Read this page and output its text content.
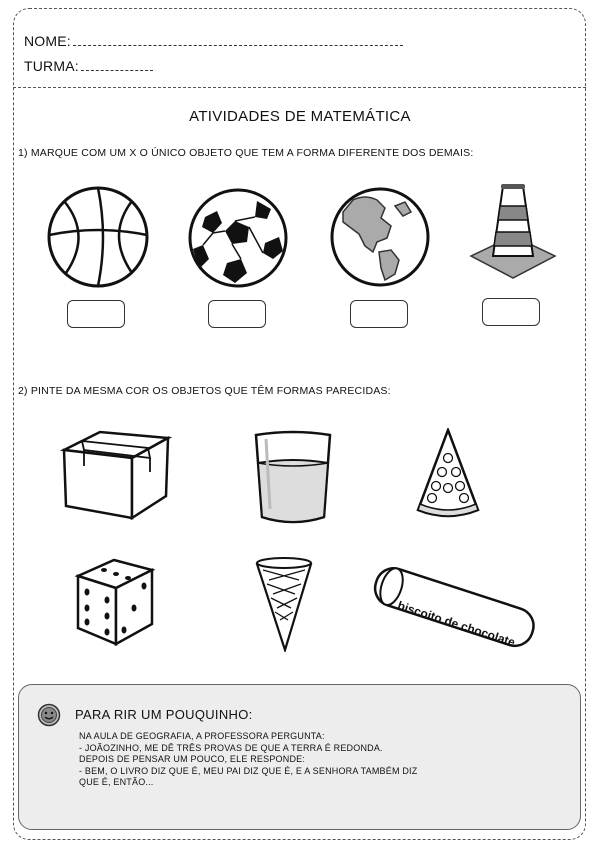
NOME:
TURMA:
ATIVIDADES DE MATEMÁTICA
1) MARQUE COM UM X O ÚNICO OBJETO QUE TEM A FORMA DIFERENTE DOS DEMAIS:
2) PINTE DA MESMA COR OS OBJETOS QUE TÊM FORMAS PARECIDAS:
biscoito de chocolate
PARA RIR UM POUQUINHO:
NA AULA DE GEOGRAFIA, A PROFESSORA PERGUNTA:
- JOÃOZINHO, ME DÊ TRÊS PROVAS DE QUE A TERRA É REDONDA.
DEPOIS DE PENSAR UM POUCO, ELE RESPONDE:
- BEM, O LIVRO DIZ QUE É, MEU PAI DIZ QUE É, E A SENHORA TAMBÉM DIZ
QUE É, ENTÃO...
